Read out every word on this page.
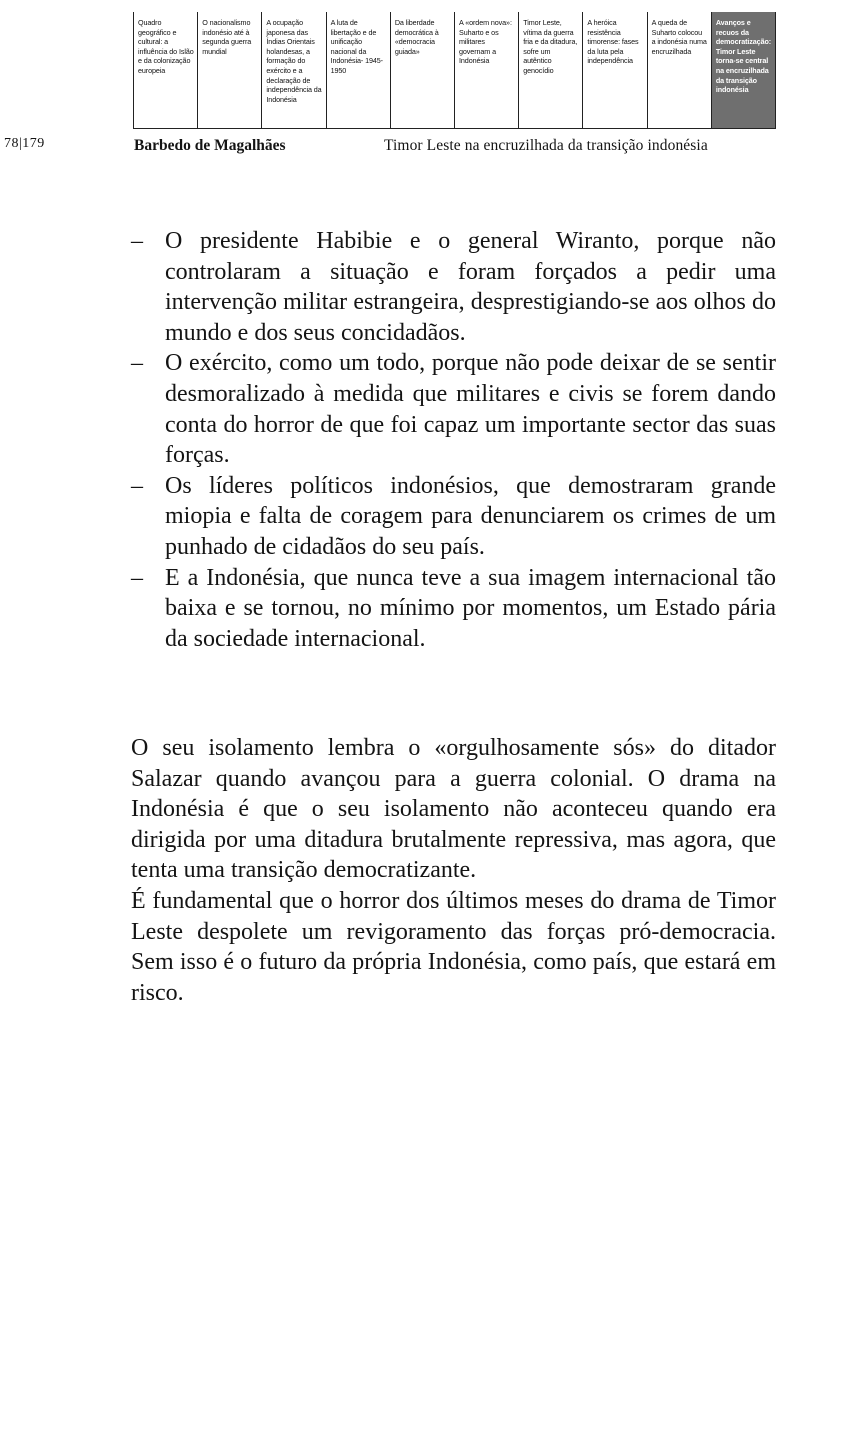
Quadro geográfico e cultural: a influência do Islão e da colonização europeia
O nacionalismo indonésio até à segunda guerra mundial
A ocupação japonesa das Índias Orientais holandesas, a formação do exército e a declaração de independência da Indonésia
A luta de libertação e de unificação nacional da Indonésia- 1945-1950
Da liberdade democrática à «democracia guiada»
A «ordem nova»: Suharto e os militares governam a Indonésia
Timor Leste, vítima da guerra fria e da ditadura, sofre um autêntico genocídio
A heróica resistência timorense: fases da luta pela independência
A queda de Suharto colocou a indonésia numa encruzilhada
Avanços e recuos da democratização: Timor Leste torna-se central na encruzilhada da transição indonésia
78|179	Barbedo de Magalhães	Timor Leste na encruzilhada da transição indonésia
– O presidente Habibie e o general Wiranto, porque não controlaram a situação e foram forçados a pedir uma intervenção militar estrangeira, desprestigiando-se aos olhos do mundo e dos seus concidadãos.
– O exército, como um todo, porque não pode deixar de se sentir desmoralizado à medida que militares e civis se forem dando conta do horror de que foi capaz um importante sector das suas forças.
– Os líderes políticos indonésios, que demostraram grande miopia e falta de coragem para denunciarem os crimes de um punhado de cidadãos do seu país.
– E a Indonésia, que nunca teve a sua imagem internacional tão baixa e se tornou, no mínimo por momentos, um Estado pária da sociedade internacional.

O seu isolamento lembra o «orgulhosamente sós» do ditador Salazar quando avançou para a guerra colonial. O drama na Indonésia é que o seu isolamento não aconteceu quando era dirigida por uma ditadura brutalmente repressiva, mas agora, que tenta uma transição democratizante.

É fundamental que o horror dos últimos meses do drama de Timor Leste despolete um revigoramento das forças pró-democracia. Sem isso é o futuro da própria Indonésia, como país, que estará em risco.
